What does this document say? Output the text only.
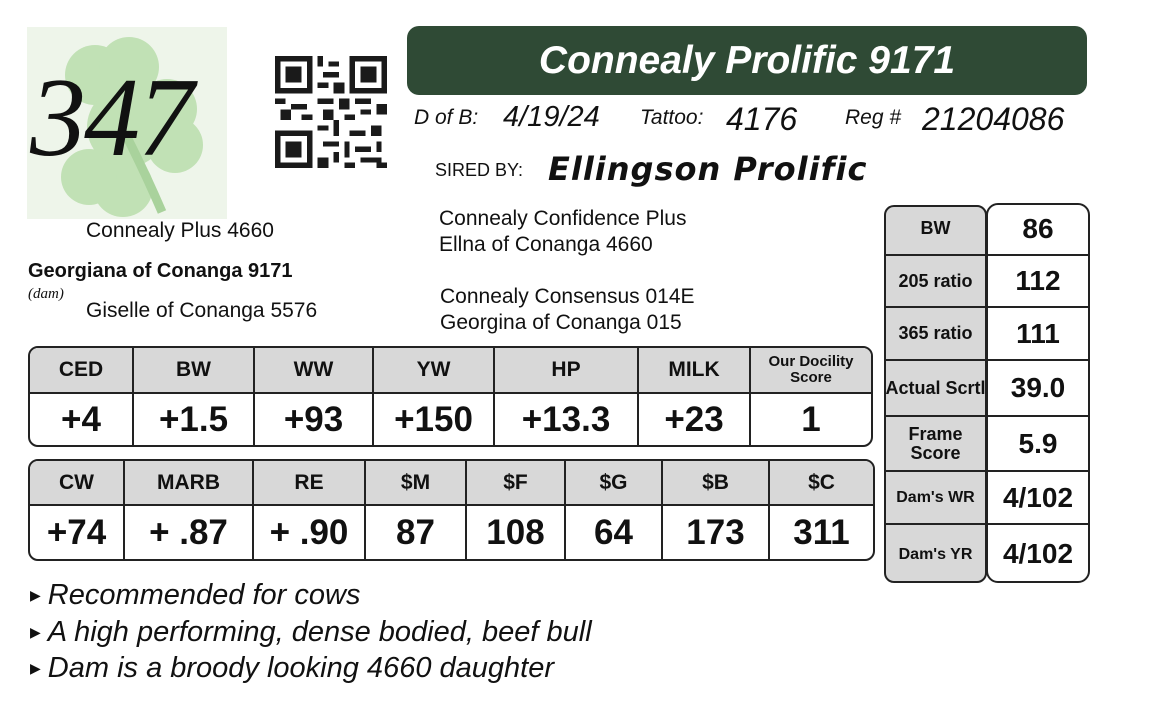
347	Connealy Prolific 9171
D of B: 4/19/24 Tattoo: 4176 Reg # 21204086
SIRED BY: Ellingson Prolific
Connealy Plus 4660
Georgiana of Conanga 9171
(dam)
Giselle of Conanga 5576
Connealy Confidence Plus
Ellna of Conanga 4660
Connealy Consensus 014E
Georgina of Conanga 015
CED	BW	WW	YW	HP	MILK	Our Docility Score
+4	+1.5	+93	+150	+13.3	+23	1
CW	MARB	RE	$M	$F	$G	$B	$C
+74	+ .87	+ .90	87	108	64	173	311
BW	86
205 ratio	112
365 ratio	111
Actual Scrtl 39.0
Frame Score	5.9
Dam's WR	4/102
Dam's YR	4/102
▶ Recommended for cows
▶ A high performing, dense bodied, beef bull
▶ Dam is a broody looking 4660 daughter
